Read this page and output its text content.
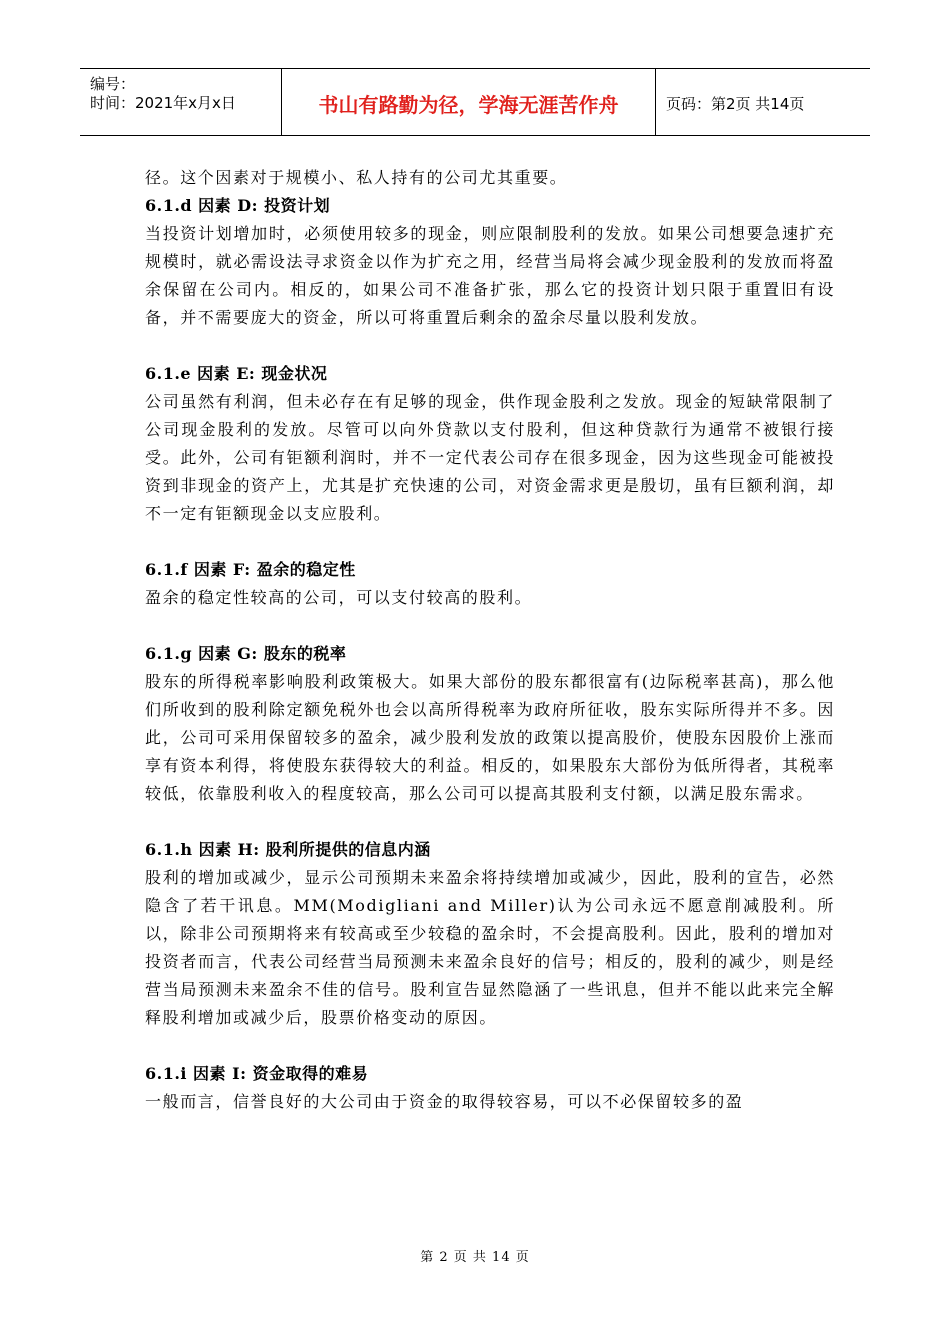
编号：
时间：2021年x月x日	书山有路勤为径，学海无涯苦作舟	页码：第2页 共14页

径。这个因素对于规模小、私人持有的公司尤其重要。

6.1.d 因素 D: 投资计划

当投资计划增加时，必须使用较多的现金，则应限制股利的发放。如果公司想要急速扩充规模时，就必需设法寻求资金以作为扩充之用，经营当局将会减少现金股利的发放而将盈余保留在公司内。相反的，如果公司不准备扩张，那么它的投资计划只限于重置旧有设备，并不需要庞大的资金，所以可将重置后剩余的盈余尽量以股利发放。

6.1.e 因素 E: 现金状况

公司虽然有利润，但未必存在有足够的现金，供作现金股利之发放。现金的短缺常限制了公司现金股利的发放。尽管可以向外贷款以支付股利，但这种贷款行为通常不被银行接受。此外，公司有钜额利润时，并不一定代表公司存在很多现金，因为这些现金可能被投资到非现金的资产上，尤其是扩充快速的公司，对资金需求更是殷切，虽有巨额利润，却不一定有钜额现金以支应股利。

6.1.f 因素 F: 盈余的稳定性

盈余的稳定性较高的公司，可以支付较高的股利。

6.1.g 因素 G: 股东的税率

股东的所得税率影响股利政策极大。如果大部份的股东都很富有(边际税率甚高)，那么他们所收到的股利除定额免税外也会以高所得税率为政府所征收，股东实际所得并不多。因此，公司可采用保留较多的盈余，减少股利发放的政策以提高股价，使股东因股价上涨而享有资本利得，将使股东获得较大的利益。相反的，如果股东大部份为低所得者，其税率较低，依靠股利收入的程度较高，那么公司可以提高其股利支付额，以满足股东需求。

6.1.h 因素 H: 股利所提供的信息内涵

股利的增加或减少，显示公司预期未来盈余将持续增加或减少，因此，股利的宣告，必然隐含了若干讯息。MM(Modigliani and Miller)认为公司永远不愿意削减股利。所以，除非公司预期将来有较高或至少较稳的盈余时，不会提高股利。因此，股利的增加对投资者而言，代表公司经营当局预测未来盈余良好的信号；相反的，股利的减少，则是经营当局预测未来盈余不佳的信号。股利宣告显然隐涵了一些讯息，但并不能以此来完全解释股利增加或减少后，股票价格变动的原因。

6.1.i 因素 I: 资金取得的难易

一般而言，信誉良好的大公司由于资金的取得较容易，可以不必保留较多的盈

第 2 页 共 14 页
